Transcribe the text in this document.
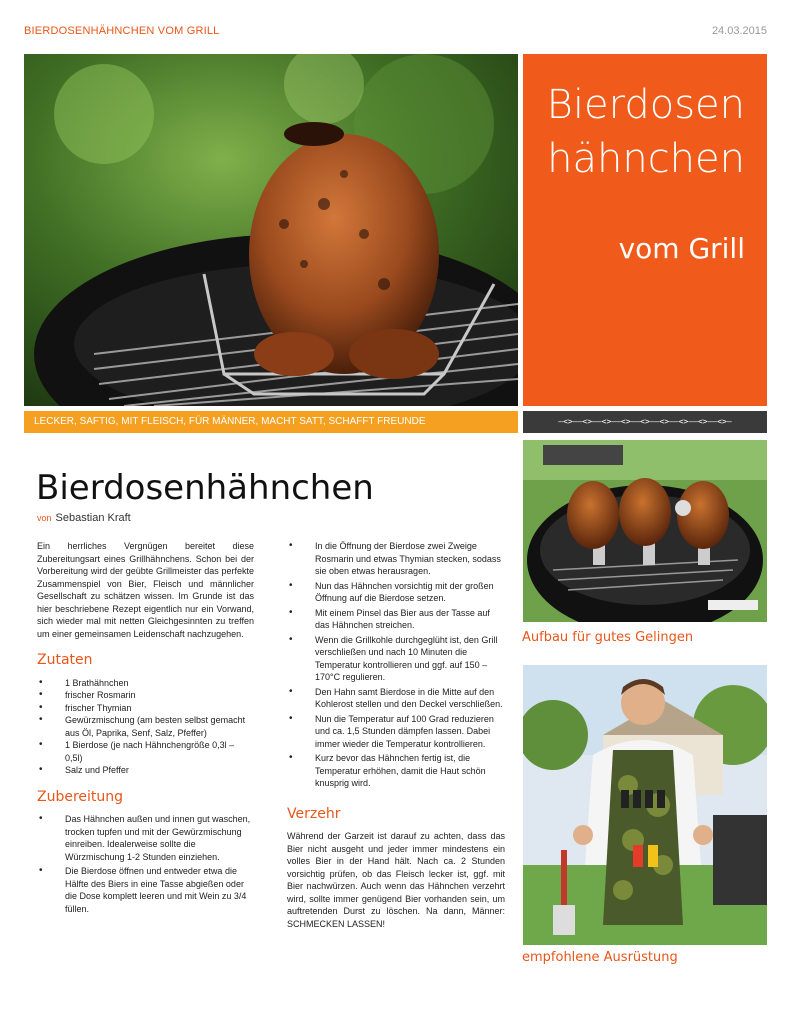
BIERDOSENHÄHNCHEN VOM GRILL	24.03.2015
Bierdosen
hähnchen
vom Grill
LECKER, SAFTIG, MIT FLEISCH, FÜR MÄNNER, MACHT SATT, SCHAFFT FREUNDE	–<>––<>––<>––<>––<>––<>––<>––<>––<>–
Bierdosenhähnchen
von Sebastian Kraft

Ein herrliches Vergnügen bereitet diese Zubereitungsart eines Grillhähnchens. Schon bei der Vorbereitung wird der geübte Grillmeister das perfekte Zusammenspiel von Bier, Fleisch und männlicher Gesellschaft zu schätzen wissen. Im Grunde ist das hier beschriebene Rezept eigentlich nur ein Vorwand, sich wieder mal mit netten Gleichgesinnten zu treffen um einer gemeinsamen Leidenschaft nachzugehen.

Zutaten
• 1 Brathähnchen
• frischer Rosmarin
• frischer Thymian
• Gewürzmischung (am besten selbst gemacht aus Öl, Paprika, Senf, Salz, Pfeffer)
• 1 Bierdose (je nach Hähnchengröße 0,3l – 0,5l)
• Salz und Pfeffer
Zubereitung
• Das Hähnchen außen und innen gut waschen, trocken tupfen und mit der Gewürzmischung einreiben. Idealerweise sollte die Würzmischung 1-2 Stunden einziehen.
• Die Bierdose öffnen und entweder etwa die Hälfte des Biers in eine Tasse abgießen oder die Dose komplett leeren und mit Wein zu 3/4 füllen.
• In die Öffnung der Bierdose zwei Zweige Rosmarin und etwas Thymian stecken, sodass sie oben etwas herausragen.
• Nun das Hähnchen vorsichtig mit der großen Öffnung auf die Bierdose setzen.
• Mit einem Pinsel das Bier aus der Tasse auf das Hähnchen streichen.
• Wenn die Grillkohle durchgeglüht ist, den Grill verschließen und nach 10 Minuten die Temperatur kontrollieren und ggf. auf 150 – 170°C regulieren.
• Den Hahn samt Bierdose in die Mitte auf den Kohlerost stellen und den Deckel verschließen.
• Nun die Temperatur auf 100 Grad reduzieren und ca. 1,5 Stunden dämpfen lassen. Dabei immer wieder die Temperatur kontrollieren.
• Kurz bevor das Hähnchen fertig ist, die Temperatur erhöhen, damit die Haut schön knusprig wird.
Verzehr

Während der Garzeit ist darauf zu achten, dass das Bier nicht ausgeht und jeder immer mindestens ein volles Bier in der Hand hält. Nach ca. 2 Stunden vorsichtig prüfen, ob das Fleisch lecker ist, ggf. mit Bier nachwürzen. Auch wenn das Hähnchen verzehrt wird, sollte immer genügend Bier vorhanden sein, um auftretenden Durst zu löschen. Na dann, Männer: SCHMECKEN LASSEN!

Aufbau für gutes Gelingen
empfohlene Ausrüstung
